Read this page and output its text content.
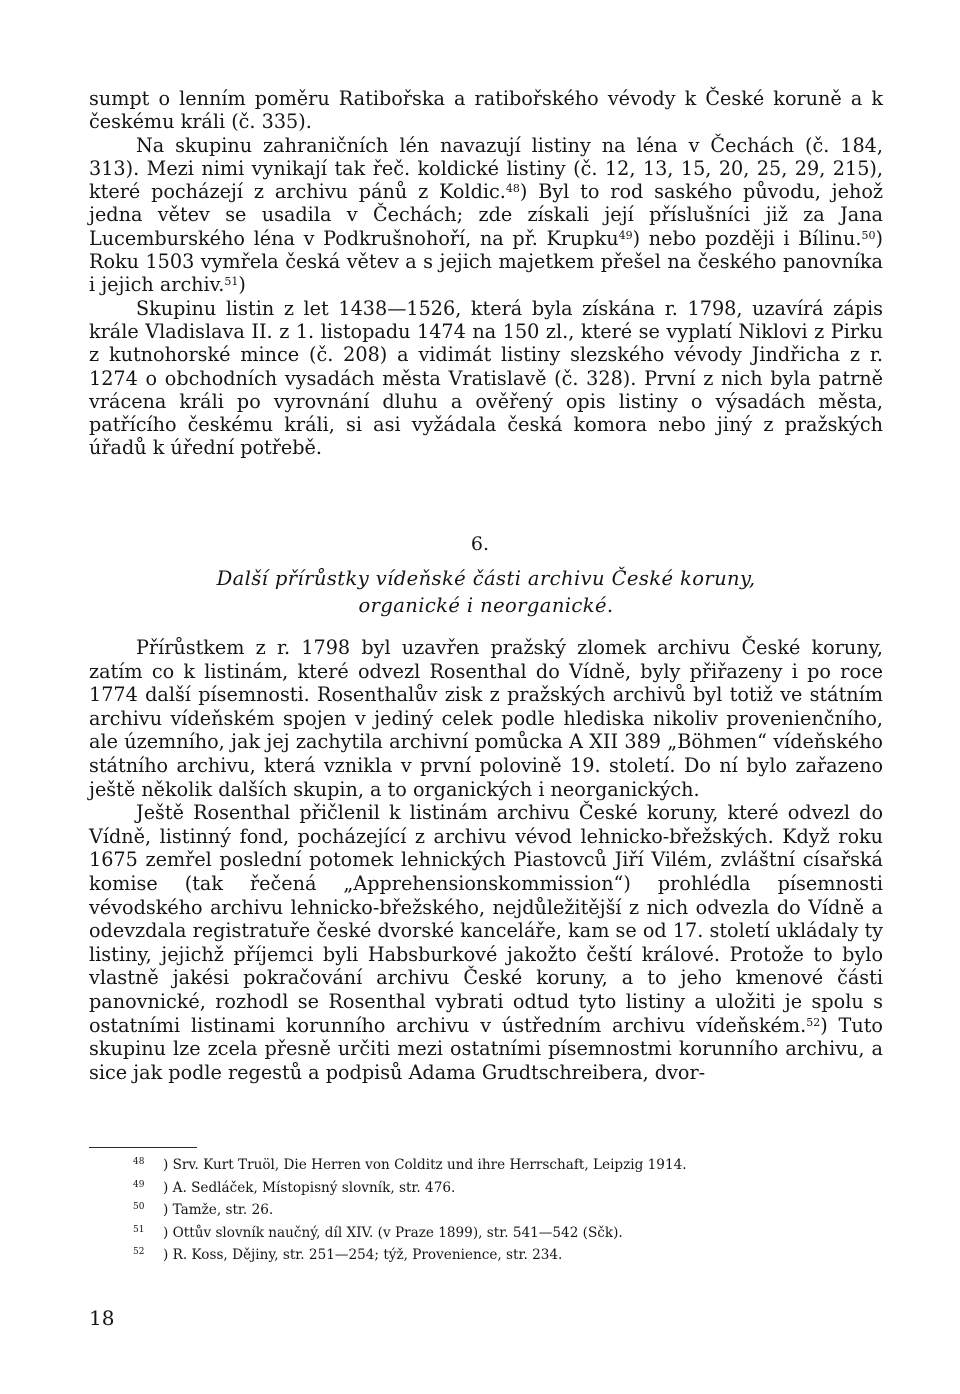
sumpt o lenním poměru Ratibořska a ratibořského vévody k České koruně a k českému králi (č. 335).

Na skupinu zahraničních lén navazují listiny na léna v Čechách (č. 184, 313). Mezi nimi vynikají tak řeč. koldické listiny (č. 12, 13, 15, 20, 25, 29, 215), které pocházejí z archivu pánů z Koldic.$^{48}$) Byl to rod saského původu, jehož jedna větev se usadila v Čechách; zde získali její příslušníci již za Jana Lucemburského léna v Podkrušnohoří, na př. Krupku$^{49}$) nebo později i Bílinu.$^{50}$) Roku 1503 vymřela česká větev a s jejich majetkem přešel na českého panovníka i jejich archiv.$^{51}$)

Skupinu listin z let 1438—1526, která byla získána r. 1798, uzavírá zápis krále Vladislava II. z 1. listopadu 1474 na 150 zl., které se vyplatí Niklovi z Pirku z kutnohorské mince (č. 208) a vidimát listiny slezského vévody Jindřicha z r. 1274 o obchodních vysadách města Vratislavě (č. 328). První z nich byla patrně vrácena králi po vyrovnání dluhu a ověřený opis listiny o výsadách města, patřícího českému králi, si asi vyžádala česká komora nebo jiný z pražských úřadů k úřední potřebě.

6.
Další přírůstky vídeňské části archivu České koruny,
organické i neorganické.

Přírůstkem z r. 1798 byl uzavřen pražský zlomek archivu České koruny, zatím co k listinám, které odvezl Rosenthal do Vídně, byly přiřazeny i po roce 1774 další písemnosti. Rosenthalův zisk z pražských archivů byl totiž ve státním archivu vídeňském spojen v jediný celek podle hlediska nikoliv provenienčního, ale územního, jak jej zachytila archivní pomůcka A XII 389 „Böhmen“ vídeňského státního archivu, která vznikla v první polovině 19. století. Do ní bylo zařazeno ještě několik dalších skupin, a to organických i neorganických.

Ještě Rosenthal přičlenil k listinám archivu České koruny, které odvezl do Vídně, listinný fond, pocházející z archivu vévod lehnicko-břežských. Když roku 1675 zemřel poslední potomek lehnických Piastovců Jiří Vilém, zvláštní císařská komise (tak řečená „Apprehensionskommission“) prohlédla písemnosti vévodského archivu lehnicko-břežského, nejdůležitější z nich odvezla do Vídně a odevzdala registratuře české dvorské kanceláře, kam se od 17. století ukládaly ty listiny, jejichž příjemci byli Habsburkové jakožto čeští králové. Protože to bylo vlastně jakési pokračování archivu České koruny, a to jeho kmenové části panovnické, rozhodl se Rosenthal vybrati odtud tyto listiny a uložiti je spolu s ostatními listinami korunního archivu v ústředním archivu vídeňském.$^{52}$) Tuto skupinu lze zcela přesně určiti mezi ostatními písemnostmi korunního archivu, a sice jak podle regestů a podpisů Adama Grudtschreibera, dvor-

$^{48}$ ) Srv. Kurt Truöl, Die Herren von Colditz und ihre Herrschaft, Leipzig 1914.
$^{49}$ ) A. Sedláček, Místopisný slovník, str. 476.
$^{50}$ ) Tamže, str. 26.
$^{51}$ ) Ottův slovník naučný, díl XIV. (v Praze 1899), str. 541—542 (Sčk).
$^{52}$ ) R. Koss, Dějiny, str. 251—254; týž, Provenience, str. 234.
18
